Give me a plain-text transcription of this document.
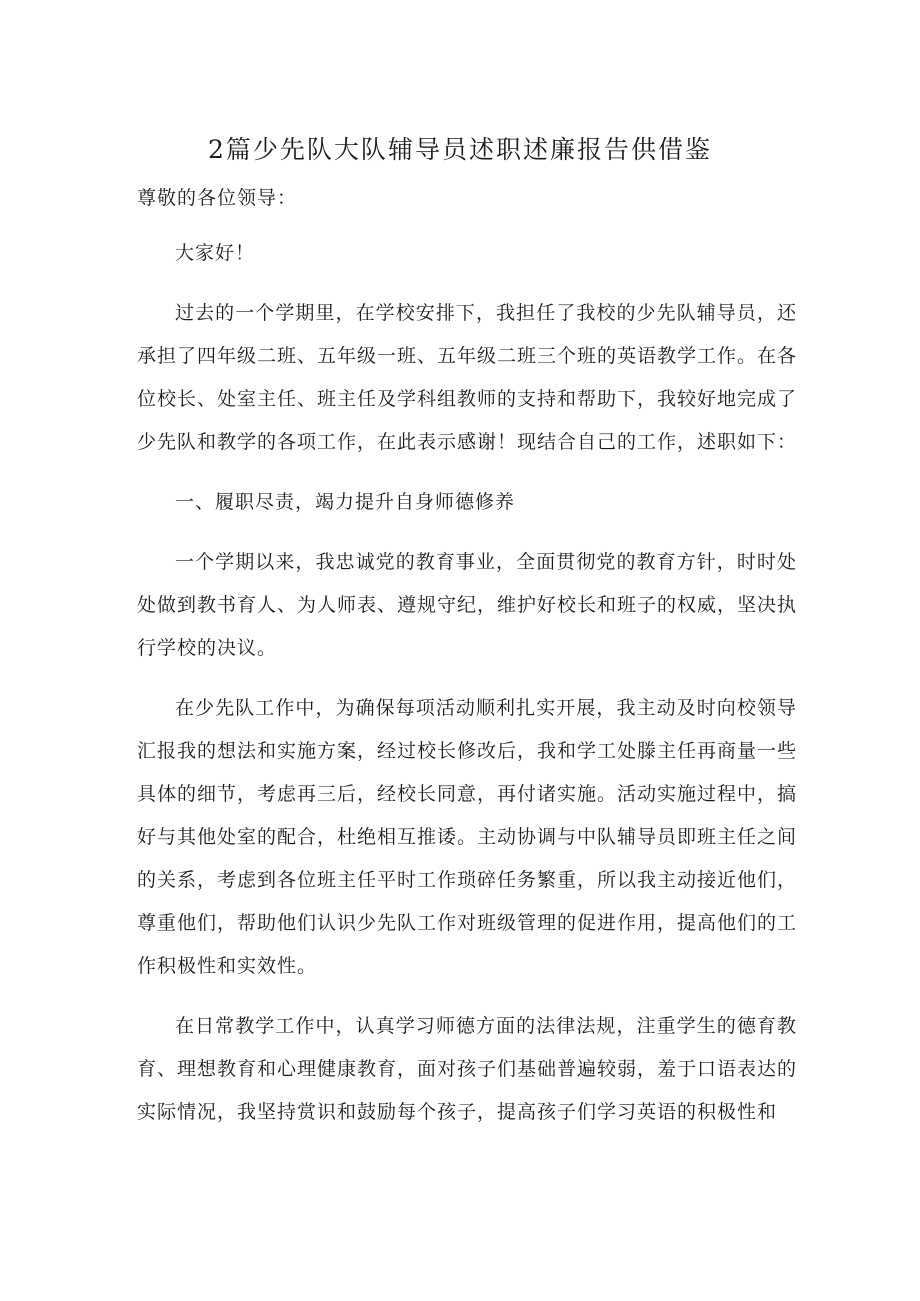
2篇少先队大队辅导员述职述廉报告供借鉴
尊敬的各位领导：

大家好！

过去的一个学期里，在学校安排下，我担任了我校的少先队辅导员，还承担了四年级二班、五年级一班、五年级二班三个班的英语教学工作。在各位校长、处室主任、班主任及学科组教师的支持和帮助下，我较好地完成了少先队和教学的各项工作，在此表示感谢！现结合自己的工作，述职如下：

一、履职尽责，竭力提升自身师德修养

一个学期以来，我忠诚党的教育事业，全面贯彻党的教育方针，时时处处做到教书育人、为人师表、遵规守纪，维护好校长和班子的权威，坚决执行学校的决议。

在少先队工作中，为确保每项活动顺利扎实开展，我主动及时向校领导汇报我的想法和实施方案，经过校长修改后，我和学工处滕主任再商量一些具体的细节，考虑再三后，经校长同意，再付诸实施。活动实施过程中，搞好与其他处室的配合，杜绝相互推诿。主动协调与中队辅导员即班主任之间的关系，考虑到各位班主任平时工作琐碎任务繁重，所以我主动接近他们，尊重他们，帮助他们认识少先队工作对班级管理的促进作用，提高他们的工作积极性和实效性。

在日常教学工作中，认真学习师德方面的法律法规，注重学生的德育教育、理想教育和心理健康教育，面对孩子们基础普遍较弱，羞于口语表达的实际情况，我坚持赏识和鼓励每个孩子，提高孩子们学习英语的积极性和
